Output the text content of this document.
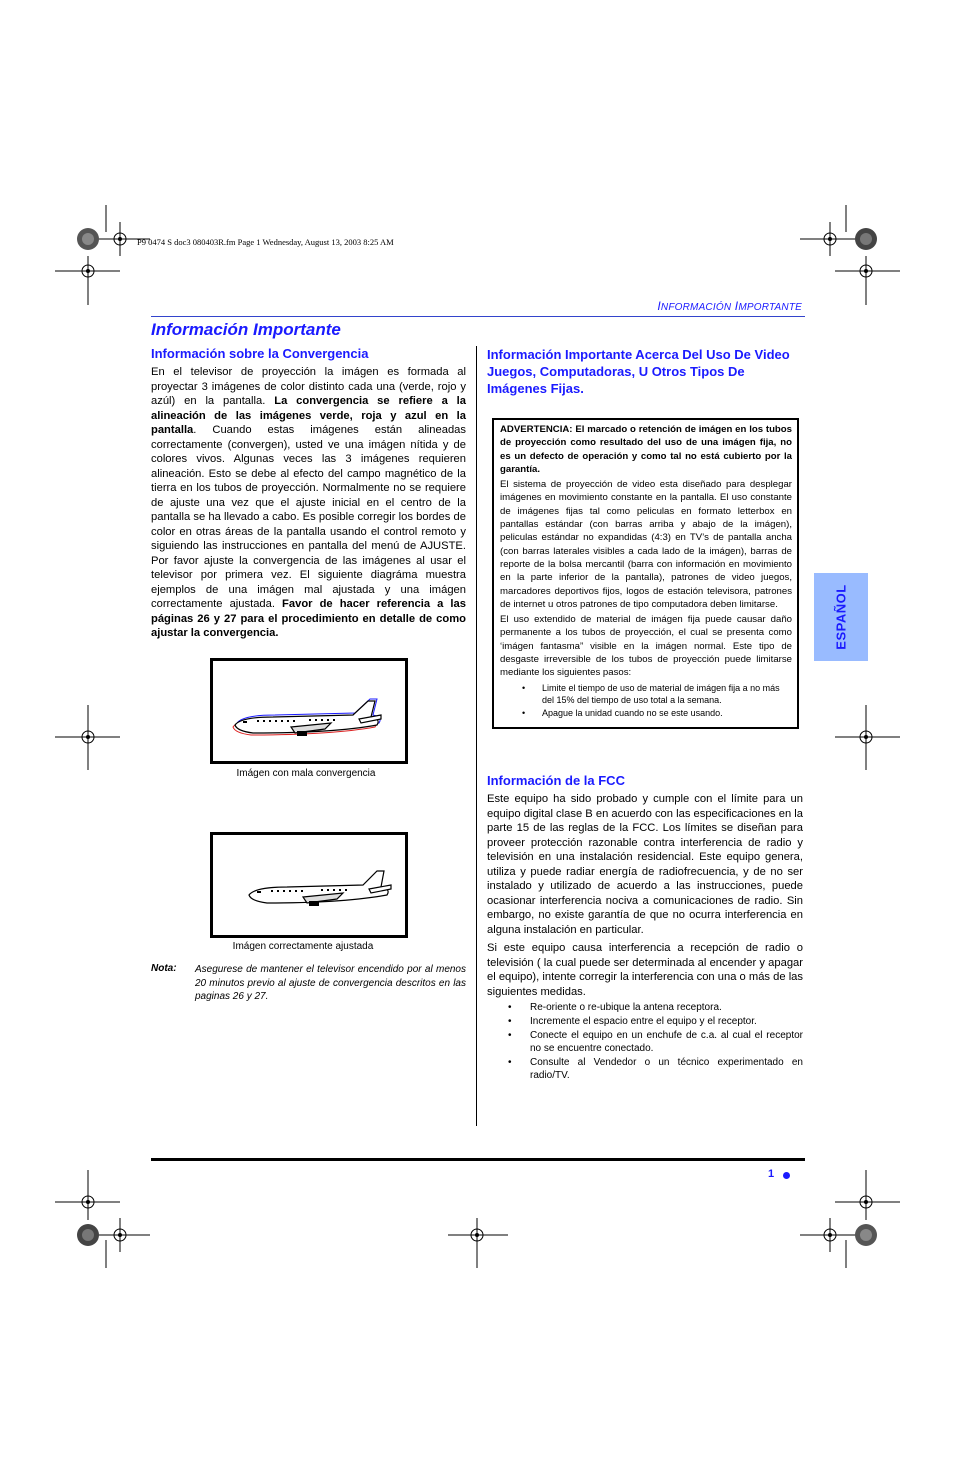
P9 0474 S doc3 080403R.fm Page 1 Wednesday, August 13, 2003 8:25 AM
INFORMACIÓN IMPORTANTE
Información Importante
Información sobre la Convergencia

En el televisor de proyección la imágen es formada al proyectar 3 imágenes de color distinto cada una (verde, rojo y azúl) en la pantalla. La convergencia se refiere a la alineación de las imágenes verde, roja y azul en la pantalla. Cuando estas imágenes están alineadas correctamente (convergen), usted ve una imágen nítida y de colores vivos. Algunas veces las 3 imágenes requieren alineación. Esto se debe al efecto del campo magnético de la tierra en los tubos de proyección. Normalmente no se requiere de ajuste una vez que el ajuste inicial en el centro de la pantalla se ha llevado a cabo. Es posible corregir los bordes de color en otras áreas de la pantalla usando el control remoto y siguiendo las instrucciones en pantalla del menú de AJUSTE. Por favor ajuste la convergencia de las imágenes al usar el televisor por primera vez. El siguiente diagráma muestra ejemplos de una imágen mal ajustada y una imágen correctamente ajustada. Favor de hacer referencia a las páginas 26 y 27 para el procedimiento en detalle de como ajustar la convergencia.

Imágen con mala convergencia
Imágen correctamente ajustada
Nota: Asegurese de mantener el televisor encendido por al menos 20 minutos previo al ajuste de convergencia descritos en las paginas 26 y 27.
Información Importante Acerca Del Uso De Video Juegos, Computadoras, U Otros Tipos De Imágenes Fijas.

ADVERTENCIA: El marcado o retención de imágen en los tubos de proyección como resultado del uso de una imágen fija, no es un defecto de operación y como tal no está cubierto por la garantía.

El sistema de proyección de video esta diseñado para desplegar imágenes en movimiento constante en la pantalla. El uso constante de imágenes fijas tal como peliculas en formato letterbox en pantallas estándar (con barras arriba y abajo de la imágen), peliculas estándar no expandidas (4:3) en TV’s de pantalla ancha (con barras laterales visibles a cada lado de la imágen), barras de reporte de la bolsa mercantil (barra con información en movimiento en la parte inferior de la pantalla), patrones de video juegos, marcadores deportivos fijos, logos de estación televisora, patrones de internet u otros patrones de tipo computadora deben limitarse.

El uso extendido de material de imágen fija puede causar daño permanente a los tubos de proyección, el cual se presenta como ‘imágen fantasma” visible en la imágen normal. Este tipo de desgaste irreversible de los tubos de proyección puede limitarse mediante los siguientes pasos:

• Limite el tiempo de uso de material de imágen fija a no más del 15% del tiempo de uso total a la semana.
• Apague la unidad cuando no se este usando.
Información de la FCC

Este equipo ha sido probado y cumple con el límite para un equipo digital clase B en acuerdo con las especificaciones en la parte 15 de las reglas de la FCC. Los límites se diseñan para proveer protección razonable contra interferencia de radio y televisión en una instalación residencial. Este equipo genera, utiliza y puede radiar energía de radiofrecuencia, y de no ser instalado y utilizado de acuerdo a las instrucciones, puede ocasionar interferencia nociva a comunicaciones de radio. Sin embargo, no existe garantía de que no ocurra interferencia en alguna instalación en particular.

Si este equipo causa interferencia a recepción de radio o televisión ( la cual puede ser determinada al encender y apagar el equipo), intente corregir la interferencia con una o más de las siguientes medidas.

• Re-oriente o re-ubique la antena receptora.
• Incremente el espacio entre el equipo y el receptor.
• Conecte el equipo en un enchufe de c.a. al cual el receptor no se encuentre conectado.
• Consulte al Vendedor o un técnico experimentado en radio/TV.
ESPAÑOL
1
